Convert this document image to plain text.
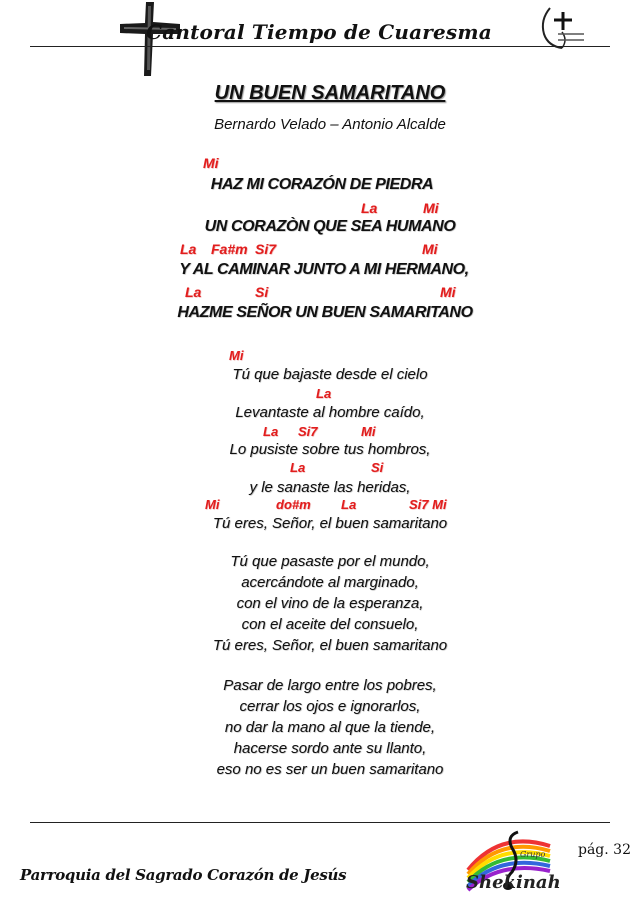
Cantoral Tiempo de Cuaresma
UN BUEN SAMARITANO
Bernardo Velado – Antonio Alcalde
Mi
La	Mi
La Fa#m Si7	Mi
La	Si	Mi
HAZ MI CORAZÓN DE PIEDRA
UN CORAZÒN QUE SEA HUMANO
Y AL CAMINAR JUNTO A MI HERMANO,
HAZME SEÑOR UN BUEN SAMARITANO
Mi
La
La Si7	Mi
La	Si
Mi	do#m La	Si7 Mi
Tú que bajaste desde el cielo
Levantaste al hombre caído,
Lo pusiste sobre tus hombros,
y le sanaste las heridas,
Tú eres, Señor, el buen samaritano
Tú que pasaste por el mundo,
acercándote al marginado,
con el vino de la esperanza,
con el aceite del consuelo,
Tú eres, Señor, el buen samaritano
Pasar de largo entre los pobres,
cerrar los ojos e ignorarlos,
no dar la mano al que la tiende,
hacerse sordo ante su llanto,
eso no es ser un buen samaritano
Grupo
Shekinah
pág. 32
Parroquia del Sagrado Corazón de Jesús
